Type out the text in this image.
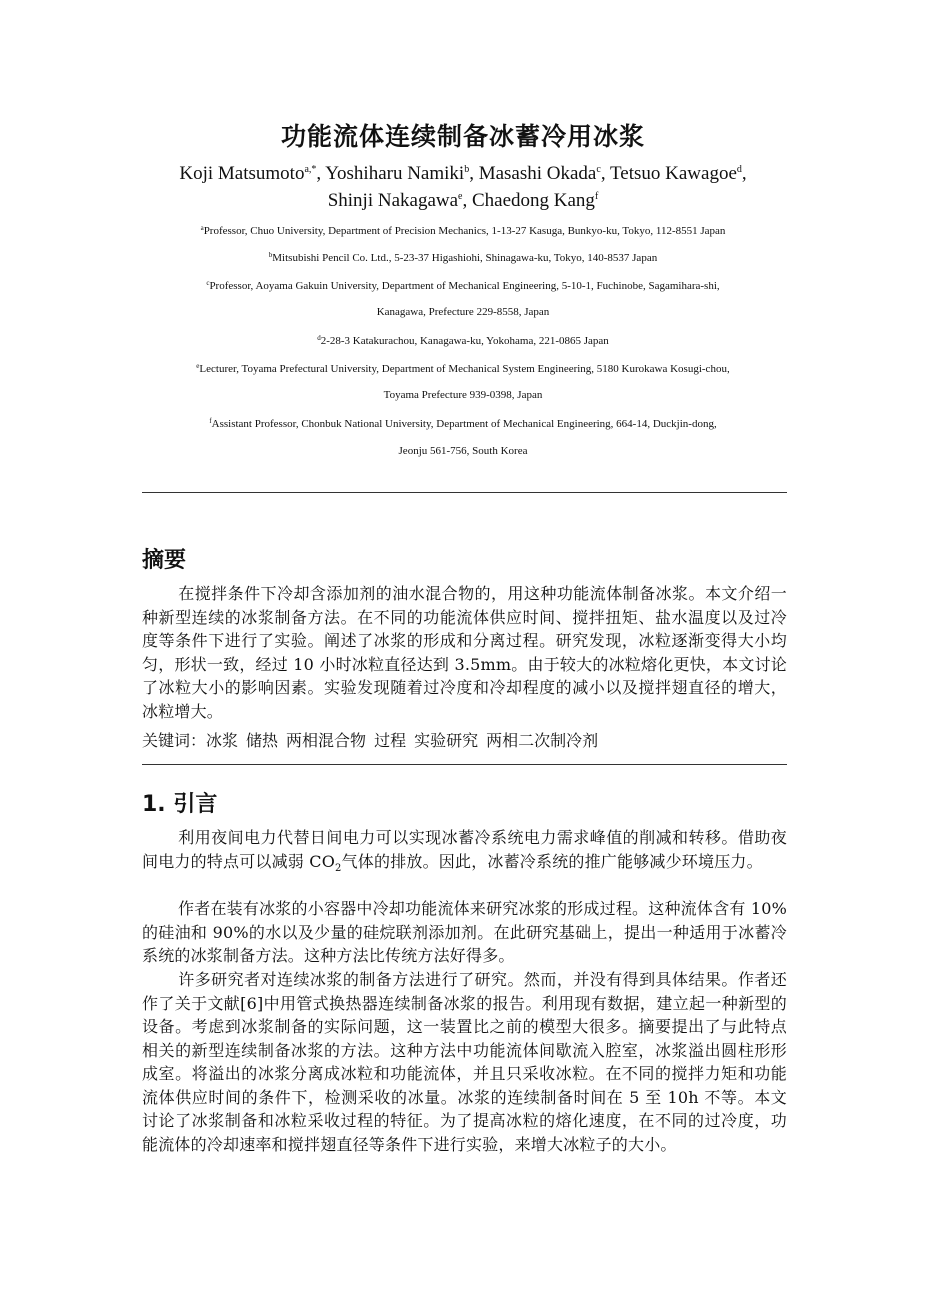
功能流体连续制备冰蓄冷用冰浆
Koji Matsumoto$^{a,*}$, Yoshiharu Namiki$^b$, Masashi Okada$^c$, Tetsuo Kawagoe$^d$,
Shinji Nakagawa$^e$, Chaedong Kang$^f$
$^a$Professor, Chuo University, Department of Precision Mechanics, 1-13-27 Kasuga, Bunkyo-ku, Tokyo, 112-8551 Japan
$^b$Mitsubishi Pencil Co. Ltd., 5-23-37 Higashiohi, Shinagawa-ku, Tokyo, 140-8537 Japan
$^c$Professor, Aoyama Gakuin University, Department of Mechanical Engineering, 5-10-1, Fuchinobe, Sagamihara-shi,
Kanagawa, Prefecture 229-8558, Japan
$^d$2-28-3 Katakurachou, Kanagawa-ku, Yokohama, 221-0865 Japan
$^e$Lecturer, Toyama Prefectural University, Department of Mechanical System Engineering, 5180 Kurokawa Kosugi-chou,
Toyama Prefecture 939-0398, Japan
$^f$Assistant Professor, Chonbuk National University, Department of Mechanical Engineering, 664-14, Duckjin-dong,
Jeonju 561-756, South Korea
摘要
在搅拌条件下冷却含添加剂的油水混合物的，用这种功能流体制备冰浆。本文介绍一种新型连续的冰浆制备方法。在不同的功能流体供应时间、搅拌扭矩、盐水温度以及过冷度等条件下进行了实验。阐述了冰浆的形成和分离过程。研究发现，冰粒逐渐变得大小均匀，形状一致，经过 10 小时冰粒直径达到 3.5mm。由于较大的冰粒熔化更快，本文讨论了冰粒大小的影响因素。实验发现随着过冷度和冷却程度的减小以及搅拌翅直径的增大，冰粒增大。
关键词：冰浆 储热 两相混合物 过程 实验研究 两相二次制冷剂
1. 引言
利用夜间电力代替日间电力可以实现冰蓄冷系统电力需求峰值的削减和转移。借助夜间电力的特点可以减弱 $CO_2$气体的排放。因此，冰蓄冷系统的推广能够减少环境压力。
作者在装有冰浆的小容器中冷却功能流体来研究冰浆的形成过程。这种流体含有 10%的硅油和 90%的水以及少量的硅烷联剂添加剂。在此研究基础上，提出一种适用于冰蓄冷系统的冰浆制备方法。这种方法比传统方法好得多。
许多研究者对连续冰浆的制备方法进行了研究。然而，并没有得到具体结果。作者还作了关于文献[6]中用管式换热器连续制备冰浆的报告。利用现有数据，建立起一种新型的设备。考虑到冰浆制备的实际问题，这一装置比之前的模型大很多。摘要提出了与此特点相关的新型连续制备冰浆的方法。这种方法中功能流体间歇流入腔室，冰浆溢出圆柱形形成室。将溢出的冰浆分离成冰粒和功能流体，并且只采收冰粒。在不同的搅拌力矩和功能流体供应时间的条件下，检测采收的冰量。冰浆的连续制备时间在 5 至 10h 不等。本文讨论了冰浆制备和冰粒采收过程的特征。为了提高冰粒的熔化速度，在不同的过冷度，功能流体的冷却速率和搅拌翅直径等条件下进行实验，来增大冰粒子的大小。
